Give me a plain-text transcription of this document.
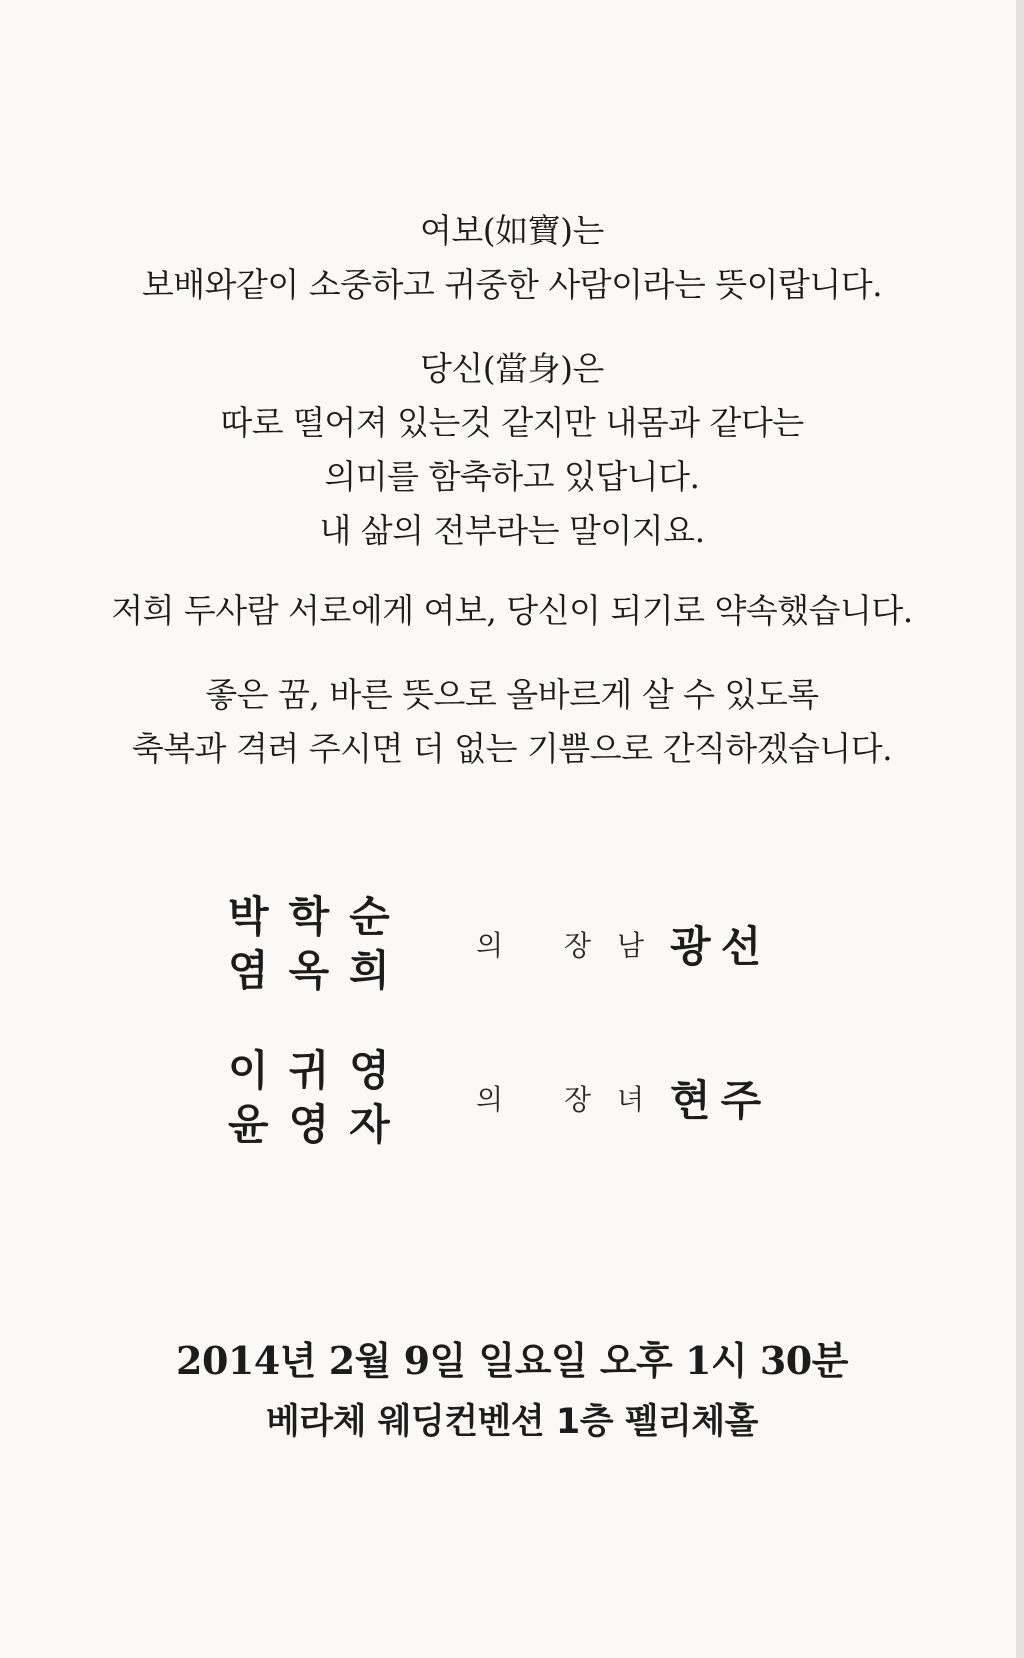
여보(如寶)는
보배와같이 소중하고 귀중한 사람이라는 뜻이랍니다.
당신(當身)은
따로 떨어져 있는것 같지만 내몸과 같다는
의미를 함축하고 있답니다.
내 삶의 전부라는 말이지요.
저희 두사람 서로에게 여보, 당신이 되기로 약속했습니다.
좋은 꿈, 바른 뜻으로 올바르게 살 수 있도록
축복과 격려 주시면 더 없는 기쁨으로 간직하겠습니다.
박학순
염옥희
의 장남 광선
이귀영
윤영자
의 장녀 현주
2014년 2월 9일 일요일 오후 1시 30분
베라체 웨딩컨벤션 1층 펠리체홀
